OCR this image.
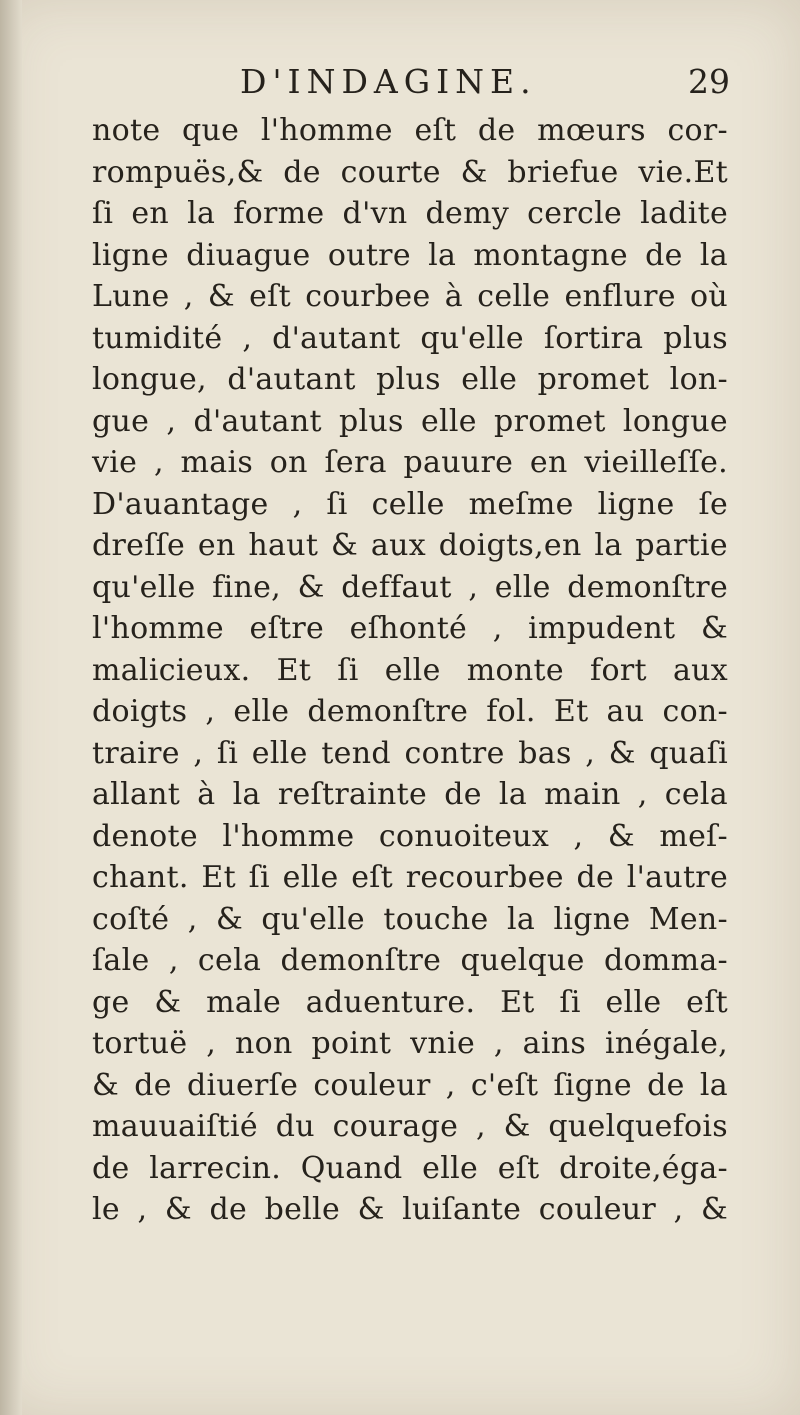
D'INDAGINE.	29
note que l'homme eſt de mœurs cor-
rompuës,& de courte & briefue vie.Et
ſi en la forme d'vn demy cercle ladite
ligne diuague outre la montagne de la
Lune , & eſt courbee à celle enflure où
tumidité , d'autant qu'elle ſortira plus
longue, d'autant plus elle promet lon-
gue , d'autant plus elle promet longue
vie , mais on ſera pauure en vieilleſſe.
D'auantage , ſi celle meſme ligne ſe
dreſſe en haut & aux doigts,en la partie
qu'elle fine, & deffaut , elle demonſtre
l'homme eſtre eſhonté , impudent &
malicieux. Et ſi elle monte fort aux
doigts , elle demonſtre fol. Et au con-
traire , ſi elle tend contre bas , & quaſi
allant à la reſtrainte de la main , cela
denote l'homme conuoiteux , & meſ-
chant. Et ſi elle eſt recourbee de l'autre
coſté , & qu'elle touche la ligne Men-
ſale , cela demonſtre quelque domma-
ge & male aduenture. Et ſi elle eſt
tortuë , non point vnie , ains inégale,
& de diuerſe couleur , c'eſt ſigne de la
mauuaiſtié du courage , & quelquefois
de larrecin. Quand elle eſt droite,éga-
le , & de belle & luiſante couleur , &
